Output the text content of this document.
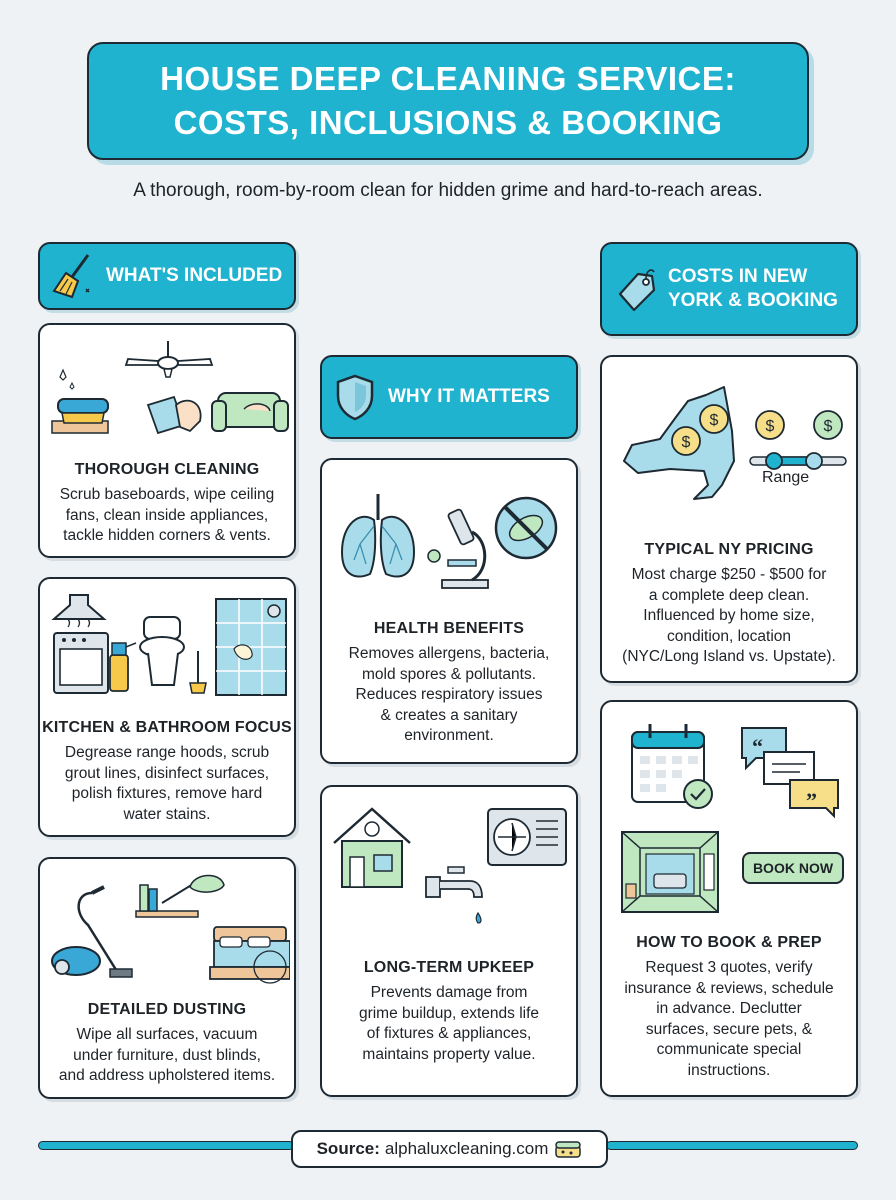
HOUSE DEEP CLEANING SERVICE:
COSTS, INCLUSIONS & BOOKING
A thorough, room-by-room clean for hidden grime and hard-to-reach areas.
WHAT'S INCLUDED
WHY IT MATTERS
COSTS IN NEW
YORK & BOOKING
THOROUGH CLEANING
Scrub baseboards, wipe ceiling
fans, clean inside appliances,
tackle hidden corners & vents.
KITCHEN & BATHROOM FOCUS
Degrease range hoods, scrub
grout lines, disinfect surfaces,
polish fixtures, remove hard
water stains.
DETAILED DUSTING
Wipe all surfaces, vacuum
under furniture, dust blinds,
and address upholstered items.
HEALTH BENEFITS
Removes allergens, bacteria,
mold spores & pollutants.
Reduces respiratory issues
& creates a sanitary
environment.
LONG-TERM UPKEEP
Prevents damage from
grime buildup, extends life
of fixtures & appliances,
maintains property value.
$
$
$	$
Range
TYPICAL NY PRICING
Most charge $250 - $500 for
a complete deep clean.
Influenced by home size,
condition, location
(NYC/Long Island vs. Upstate).
“
”
BOOK NOW
HOW TO BOOK & PREP
Request 3 quotes, verify
insurance & reviews, schedule
in advance. Declutter
surfaces, secure pets, &
communicate special
instructions.
Source: alphaluxcleaning.com
